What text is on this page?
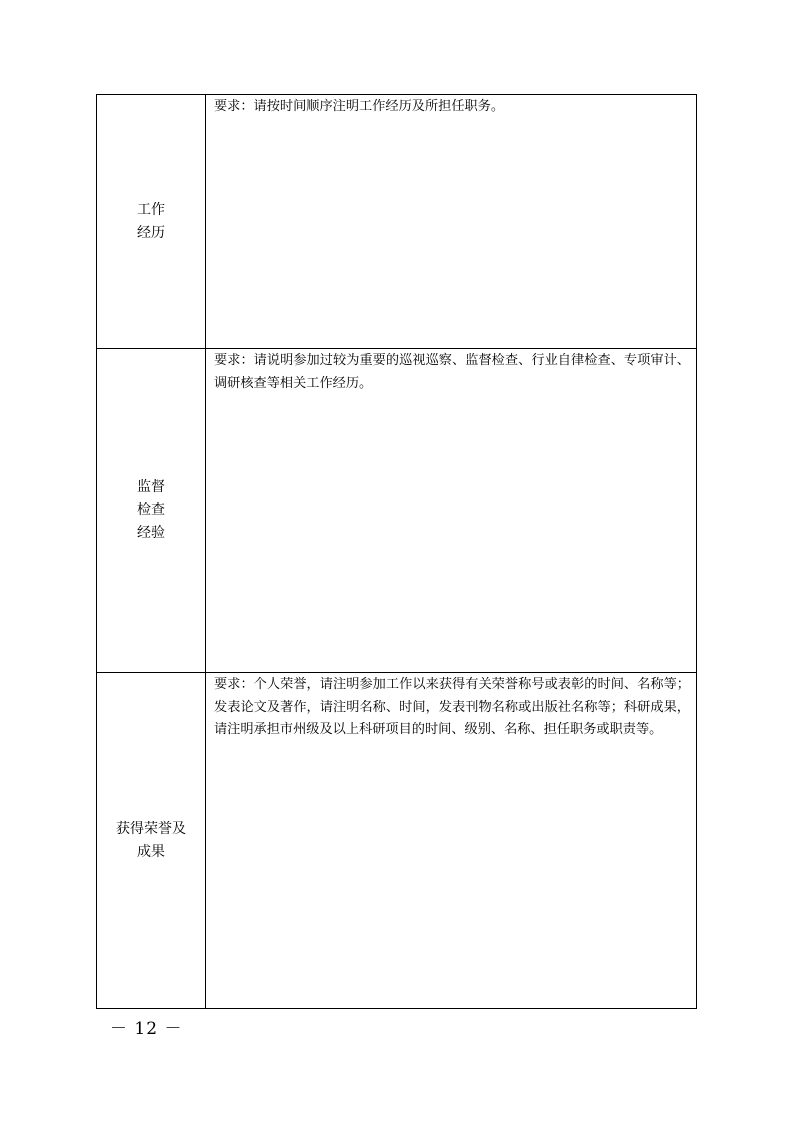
工作
经历	要求：请按时间顺序注明工作经历及所担任职务。

监督
检查
经验	要求：请说明参加过较为重要的巡视巡察、监督检查、行业自律检查、专项审计、调研核查等相关工作经历。

获得荣誉及
成果	要求：个人荣誉，请注明参加工作以来获得有关荣誉称号或表彰的时间、名称等；发表论文及著作，请注明名称、时间，发表刊物名称或出版社名称等；科研成果，请注明承担市州级及以上科研项目的时间、级别、名称、担任职务或职责等。
－ 12 －
